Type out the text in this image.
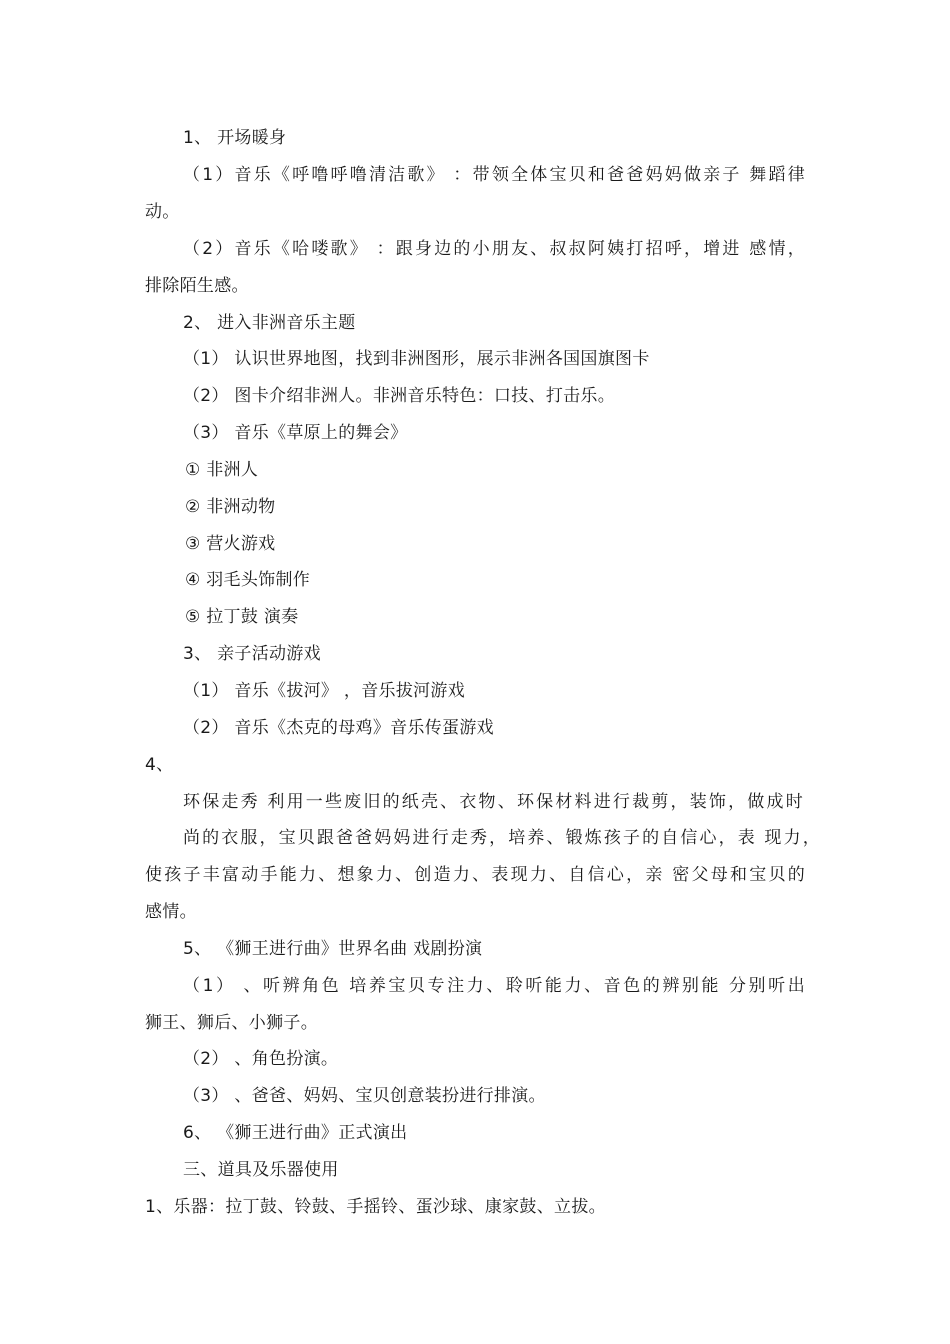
1、 开场暖身
（1）音乐《呼噜呼噜清洁歌》 ：带领全体宝贝和爸爸妈妈做亲子 舞蹈律
动。
（2）音乐《哈喽歌》 ：跟身边的小朋友、叔叔阿姨打招呼，增进 感情，
排除陌生感。
2、 进入非洲音乐主题
（1） 认识世界地图，找到非洲图形，展示非洲各国国旗图卡
（2） 图卡介绍非洲人。非洲音乐特色：口技、打击乐。
（3） 音乐《草原上的舞会》
① 非洲人
② 非洲动物
③ 营火游戏
④ 羽毛头饰制作
⑤ 拉丁鼓 演奏
3、 亲子活动游戏
（1） 音乐《拔河》 ，音乐拔河游戏
（2） 音乐《杰克的母鸡》音乐传蛋游戏
4、
环保走秀 利用一些废旧的纸壳、衣物、环保材料进行裁剪，装饰，做成时
尚的衣服，宝贝跟爸爸妈妈进行走秀，培养、锻炼孩子的自信心，表 现力，
使孩子丰富动手能力、想象力、创造力、表现力、自信心，亲 密父母和宝贝的
感情。
5、 《狮王进行曲》世界名曲 戏剧扮演
（1） 、听辨角色 培养宝贝专注力、聆听能力、音色的辨别能 分别听出
狮王、狮后、小狮子。
（2） 、角色扮演。
（3） 、爸爸、妈妈、宝贝创意装扮进行排演。
6、 《狮王进行曲》正式演出
三、道具及乐器使用
1、乐器：拉丁鼓、铃鼓、手摇铃、蛋沙球、康家鼓、立拔。
